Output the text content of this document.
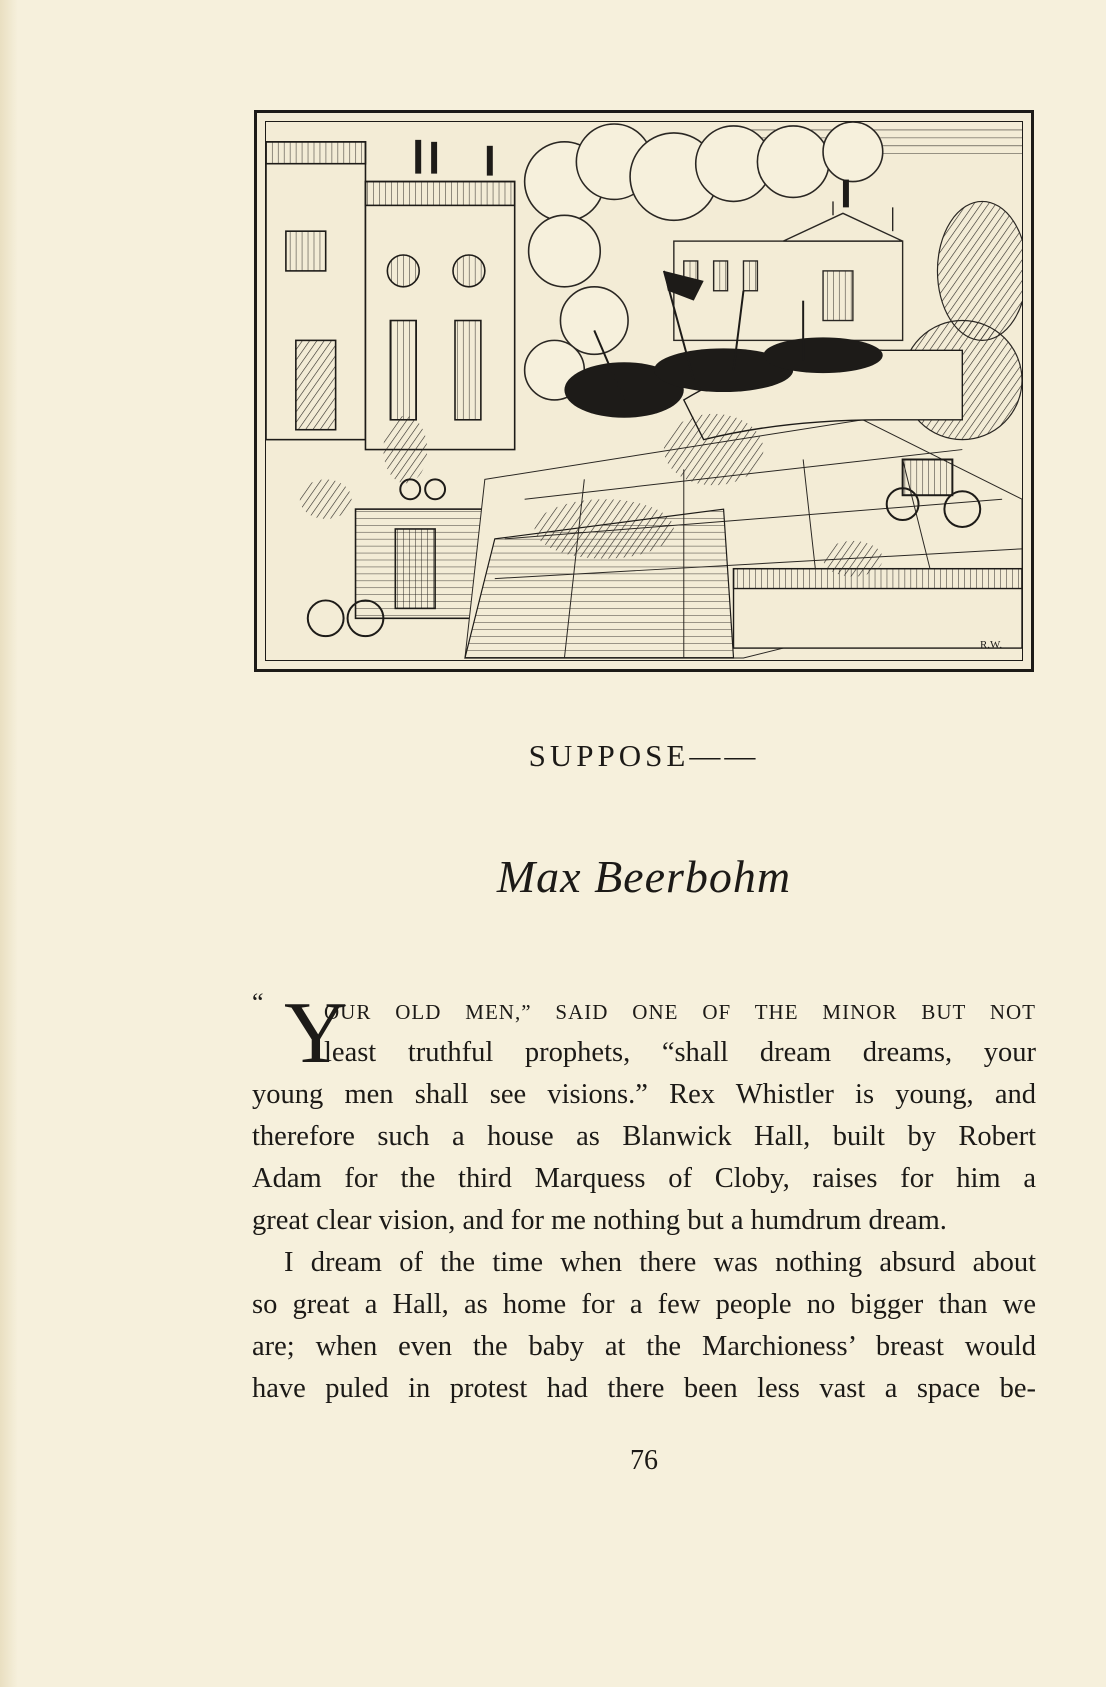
R.W.
SUPPOSE——
Max Beerbohm
“ Y
OUR OLD MEN,” SAID ONE OF THE MINOR BUT NOT
least truthful prophets, “shall dream dreams, your
young men shall see visions.” Rex Whistler is young, and
therefore such a house as Blanwick Hall, built by Robert
Adam for the third Marquess of Cloby, raises for him a
great clear vision, and for me nothing but a humdrum dream.
I dream of the time when there was nothing absurd about
so great a Hall, as home for a few people no bigger than we
are; when even the baby at the Marchioness’ breast would
have puled in protest had there been less vast a space be-
76
